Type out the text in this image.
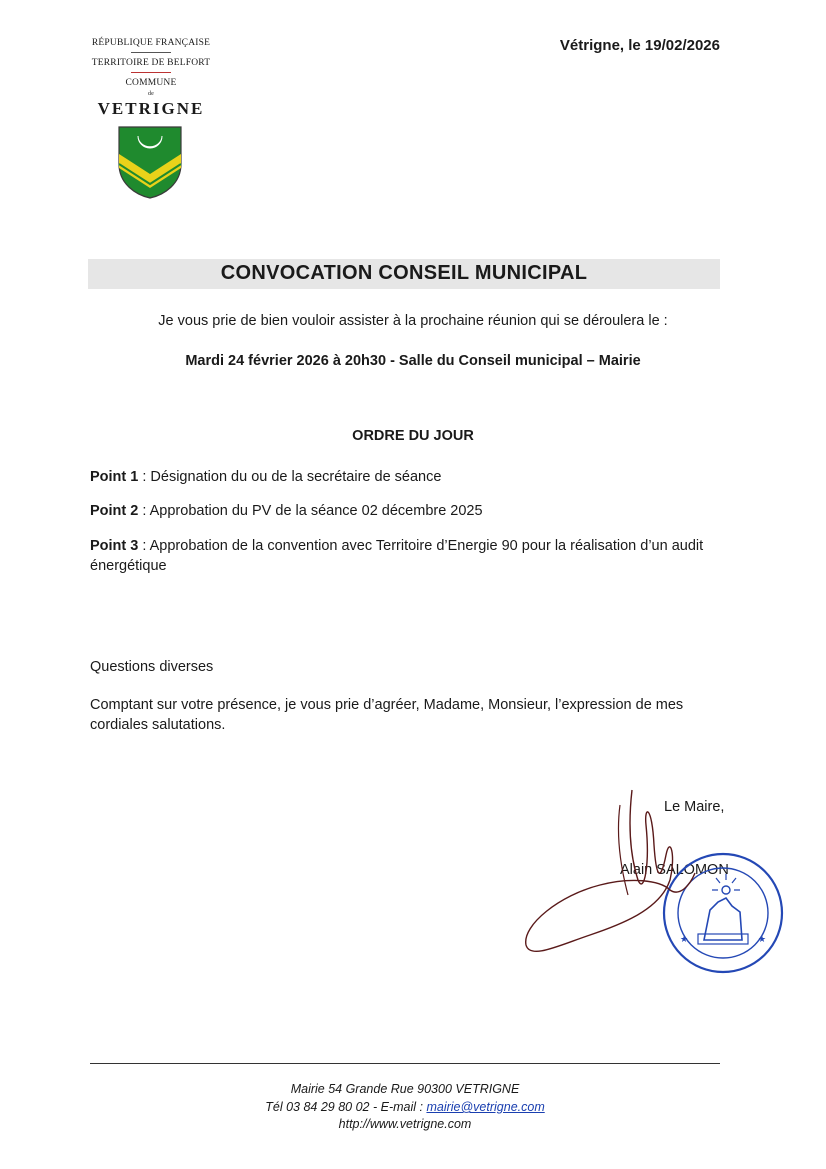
RÉPUBLIQUE FRANÇAISE
TERRITOIRE DE BELFORT
COMMUNE
de
VETRIGNE
Vétrigne, le 19/02/2026
CONVOCATION CONSEIL MUNICIPAL
Je vous prie de bien vouloir assister à la prochaine réunion qui se déroulera le :
Mardi 24 février 2026 à 20h30 - Salle du Conseil municipal – Mairie
ORDRE DU JOUR
Point 1 : Désignation du ou de la secrétaire de séance
Point 2 : Approbation du PV de la séance 02 décembre 2025
Point 3 : Approbation de la convention avec Territoire d’Energie 90 pour la réalisation d’un audit énergétique
Questions diverses
Comptant sur votre présence, je vous prie d’agréer, Madame, Monsieur, l’expression de mes cordiales salutations.
Le Maire,
Alain SALOMON
★	★
Mairie 54 Grande Rue 90300 VETRIGNE
Tél 03 84 29 80 02 - E-mail : mairie@vetrigne.com
http://www.vetrigne.com
